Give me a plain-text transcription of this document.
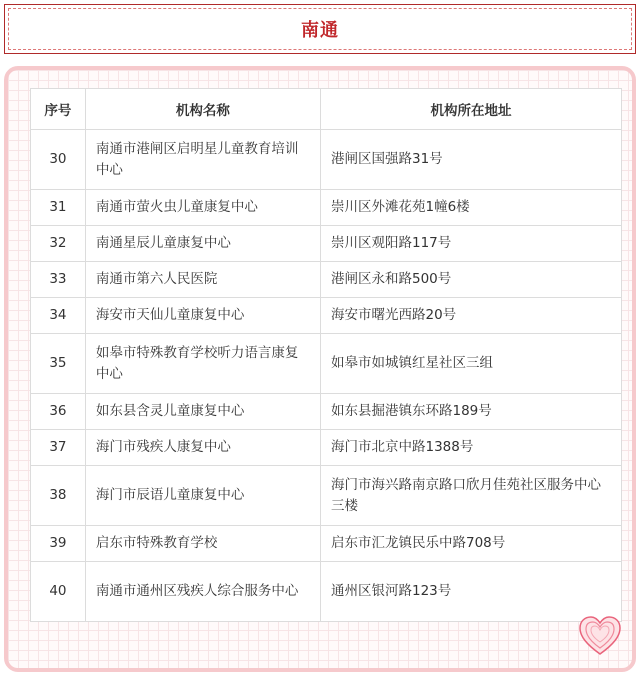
南通
序号	机构名称	机构所在地址
30	南通市港闸区启明星儿童教育培训中心	港闸区国强路31号
31	南通市萤火虫儿童康复中心	崇川区外滩花苑1幢6楼
32	南通星辰儿童康复中心	崇川区观阳路117号
33	南通市第六人民医院	港闸区永和路500号
34	海安市天仙儿童康复中心	海安市曙光西路20号
35	如皋市特殊教育学校听力语言康复中心	如皋市如城镇红星社区三组
36	如东县含灵儿童康复中心	如东县掘港镇东环路189号
37	海门市残疾人康复中心	海门市北京中路1388号
38	海门市辰语儿童康复中心	海门市海兴路南京路口欣月佳苑社区服务中心三楼
39	启东市特殊教育学校	启东市汇龙镇民乐中路708号
40	南通市通州区残疾人综合服务中心	通州区银河路123号
